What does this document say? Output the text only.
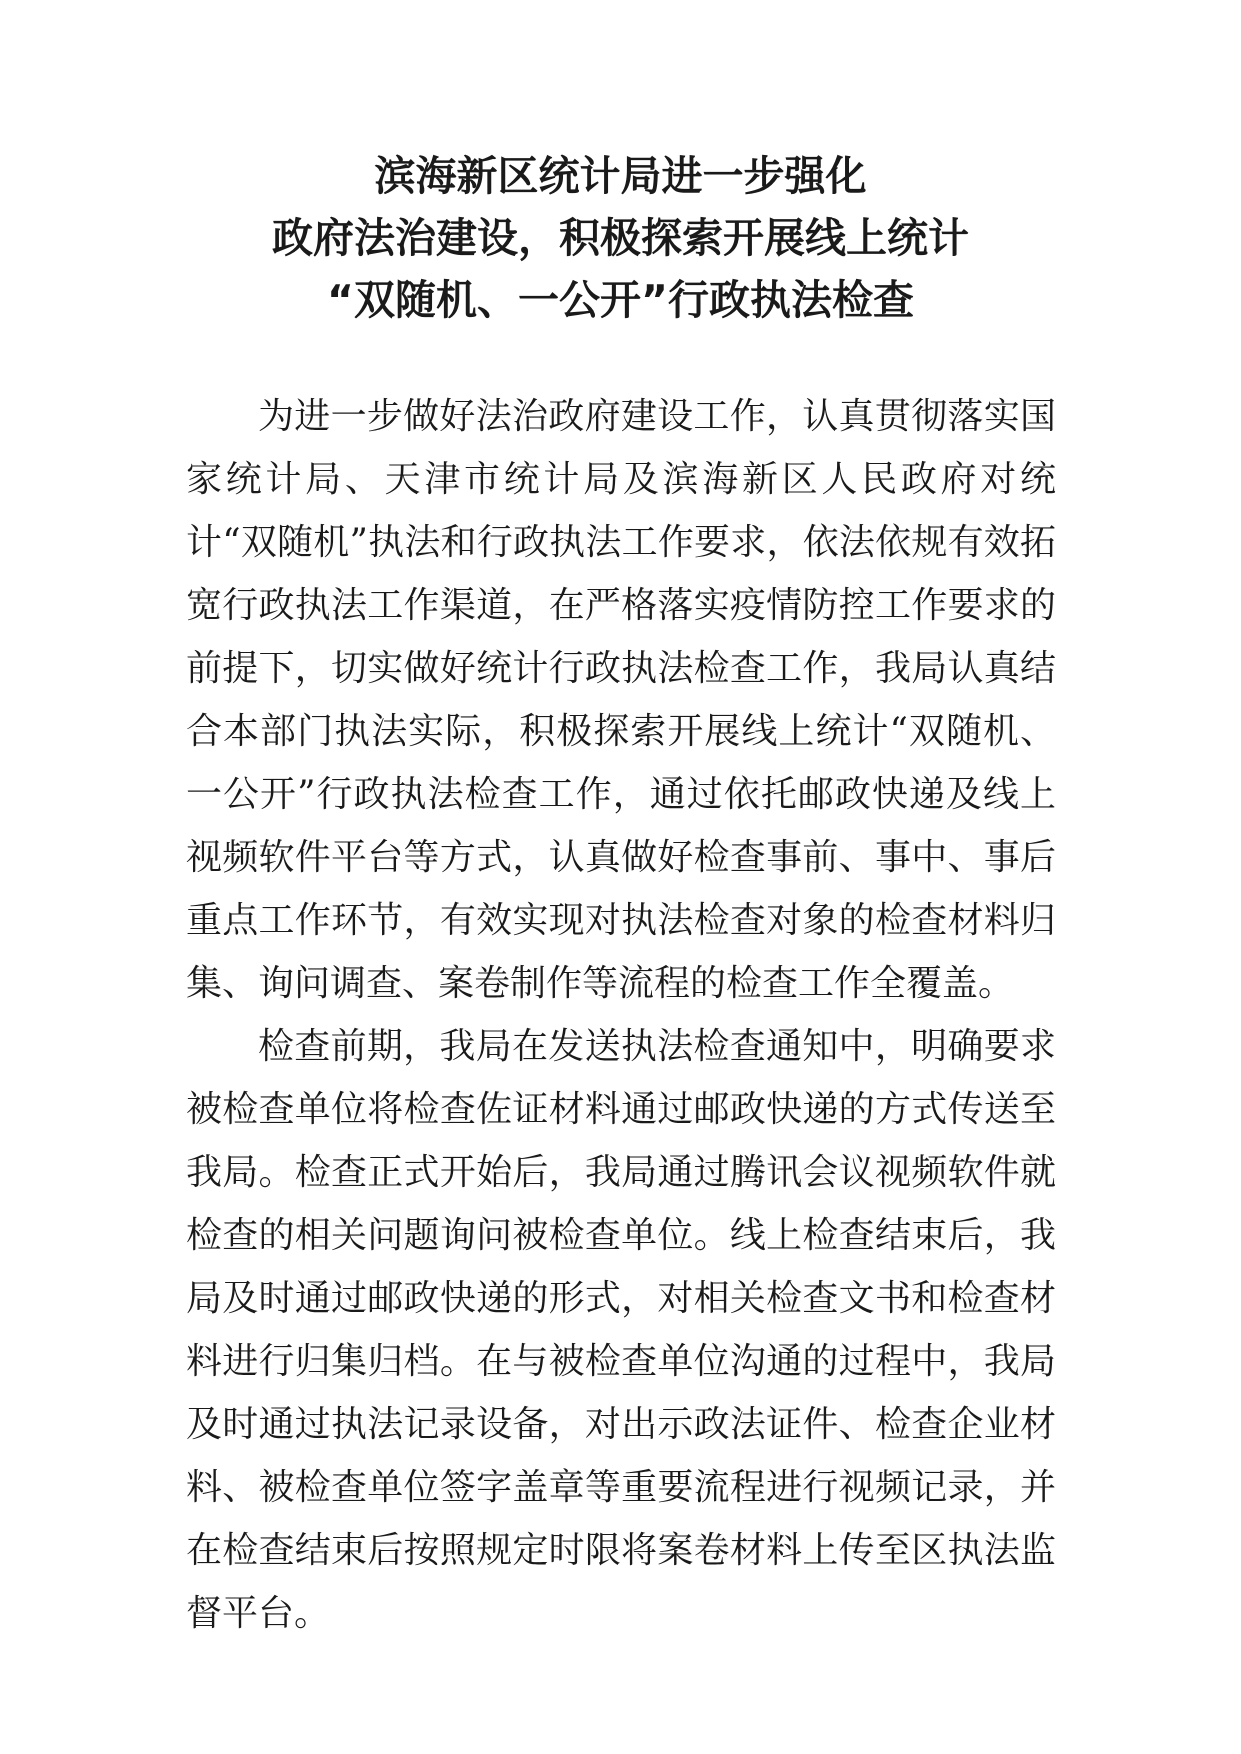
滨海新区统计局进一步强化
政府法治建设，积极探索开展线上统计
“双随机、一公开”行政执法检查

为进一步做好法治政府建设工作，认真贯彻落实国家统计局、天津市统计局及滨海新区人民政府对统计“双随机”执法和行政执法工作要求，依法依规有效拓宽行政执法工作渠道，在严格落实疫情防控工作要求的前提下，切实做好统计行政执法检查工作，我局认真结合本部门执法实际，积极探索开展线上统计“双随机、一公开”行政执法检查工作，通过依托邮政快递及线上视频软件平台等方式，认真做好检查事前、事中、事后重点工作环节，有效实现对执法检查对象的检查材料归集、询问调查、案卷制作等流程的检查工作全覆盖。

检查前期，我局在发送执法检查通知中，明确要求被检查单位将检查佐证材料通过邮政快递的方式传送至我局。检查正式开始后，我局通过腾讯会议视频软件就检查的相关问题询问被检查单位。线上检查结束后，我局及时通过邮政快递的形式，对相关检查文书和检查材料进行归集归档。在与被检查单位沟通的过程中，我局及时通过执法记录设备，对出示政法证件、检查企业材料、被检查单位签字盖章等重要流程进行视频记录，并在检查结束后按照规定时限将案卷材料上传至区执法监督平台。
